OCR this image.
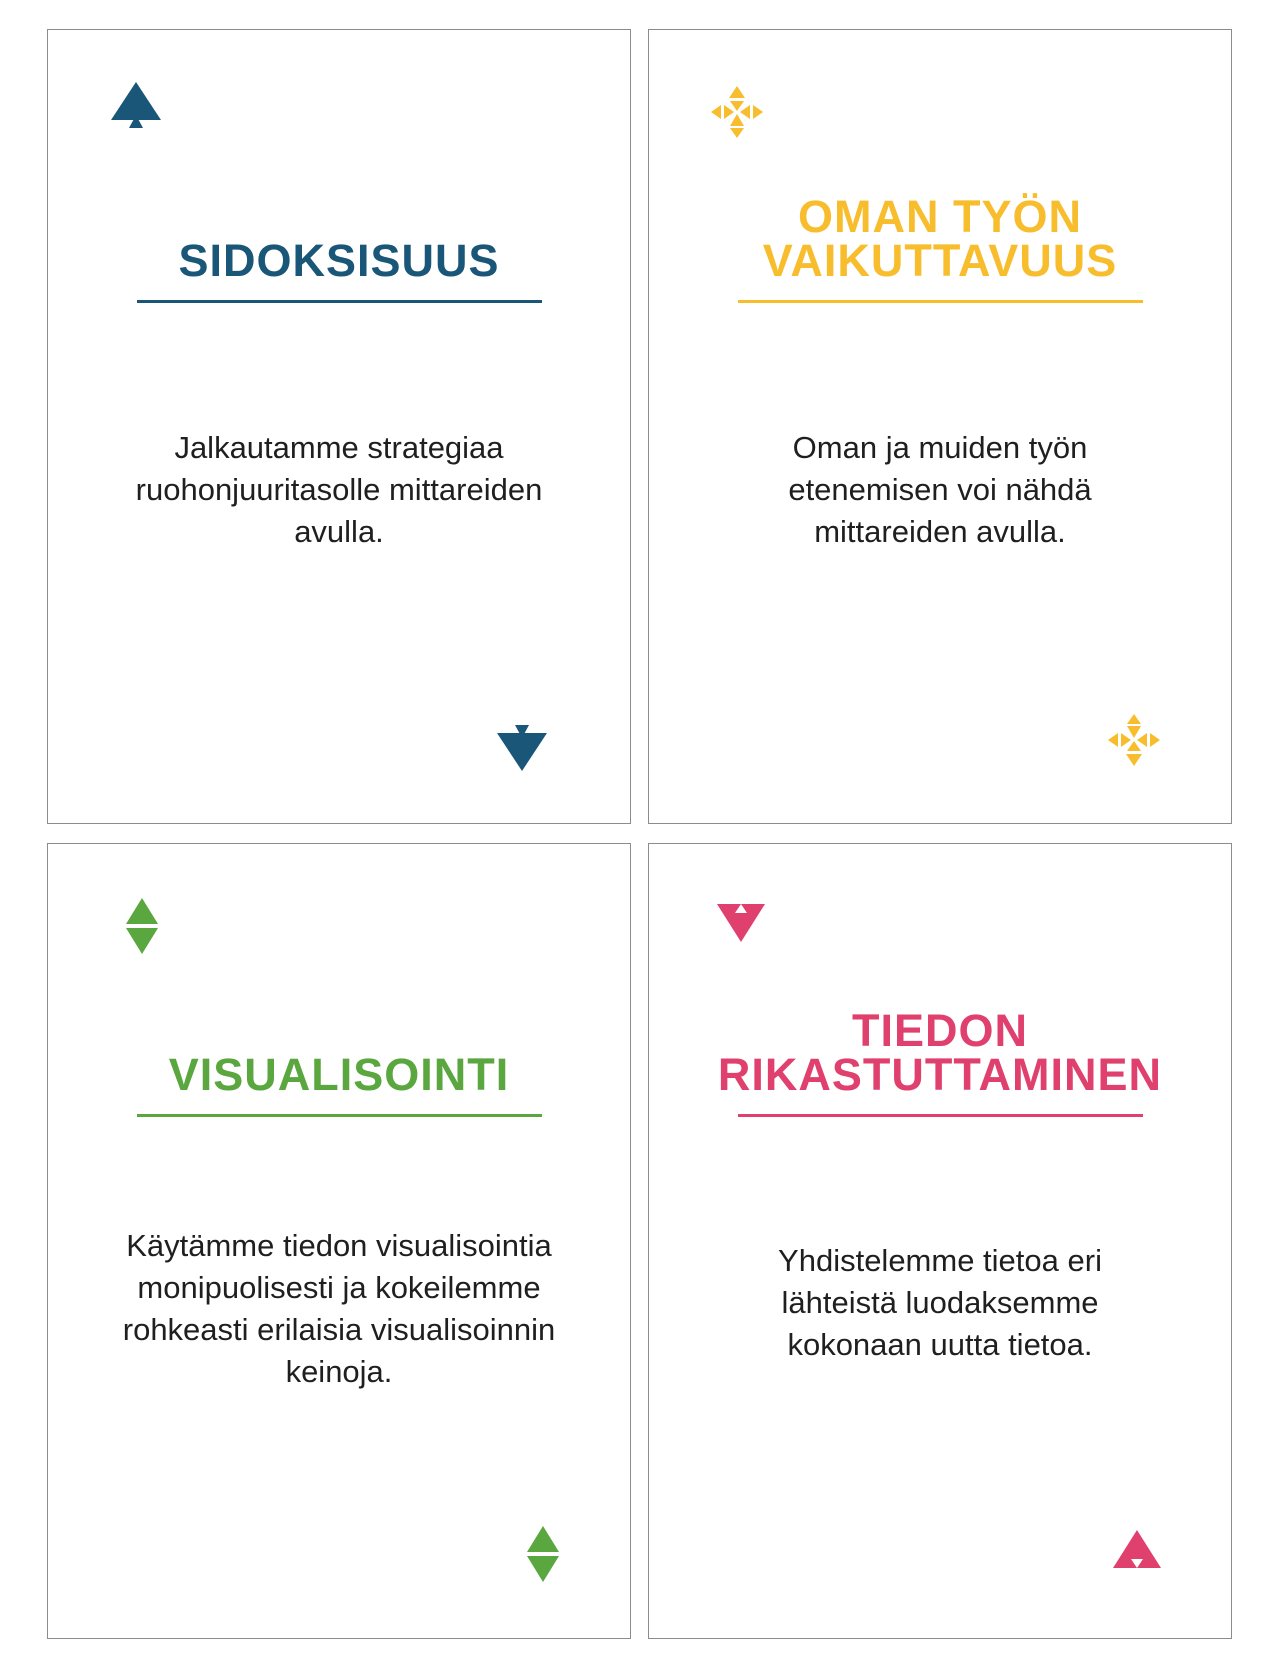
SIDOKSISUUS
Jalkautamme strategiaa
ruohonjuuritasolle mittareiden
avulla.
OMAN TYÖN
VAIKUTTAVUUS
Oman ja muiden työn
etenemisen voi nähdä
mittareiden avulla.
VISUALISOINTI
Käytämme tiedon visualisointia
monipuolisesti ja kokeilemme
rohkeasti erilaisia visualisoinnin
keinoja.
TIEDON
RIKASTUTTAMINEN
Yhdistelemme tietoa eri
lähteistä luodaksemme
kokonaan uutta tietoa.
